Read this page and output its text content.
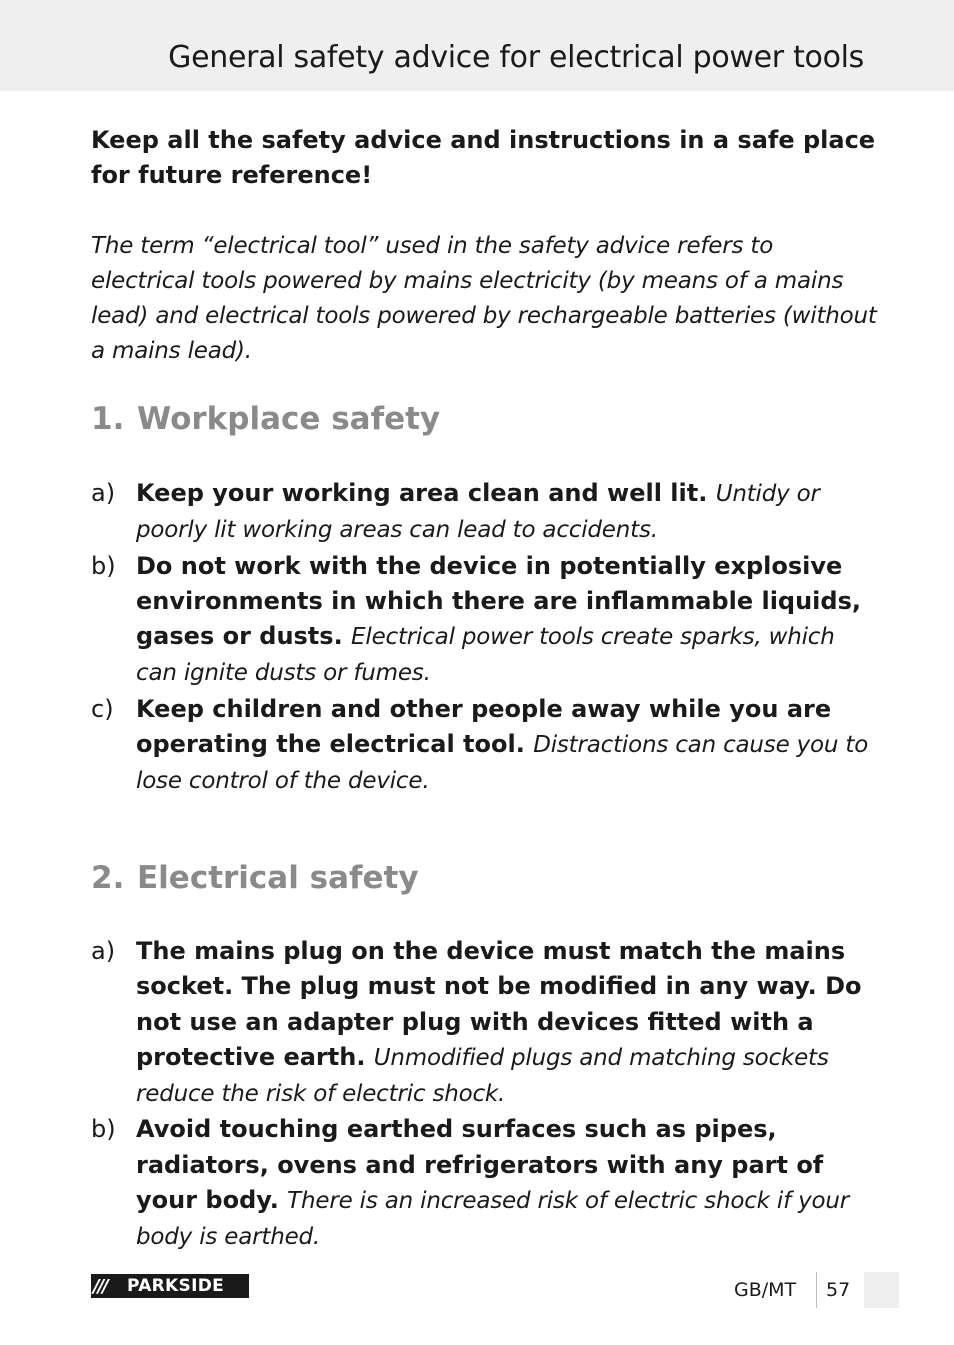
General safety advice for electrical power tools

Keep all the safety advice and instructions in a safe place for future reference!

The term “electrical tool” used in the safety advice refers to electrical tools powered by mains electricity (by means of a mains lead) and electrical tools powered by rechargeable batteries (without a mains lead).

1. Workplace safety
a) Keep your working area clean and well lit. Untidy or poorly lit working areas can lead to accidents.
b) Do not work with the device in potentially explosive environments in which there are inflammable liquids, gases or dusts. Electrical power tools create sparks, which can ignite dusts or fumes.
c) Keep children and other people away while you are operating the electrical tool. Distractions can cause you to lose control of the device.
2. Electrical safety
a) The mains plug on the device must match the mains socket. The plug must not be modified in any way. Do not use an adapter plug with devices fitted with a protective earth. Unmodified plugs and matching sockets reduce the risk of electric shock.
b) Avoid touching earthed surfaces such as pipes, radiators, ovens and refrigerators with any part of your body. There is an increased risk of electric shock if your body is earthed.
///	PARKSIDE	GB/MT 57
